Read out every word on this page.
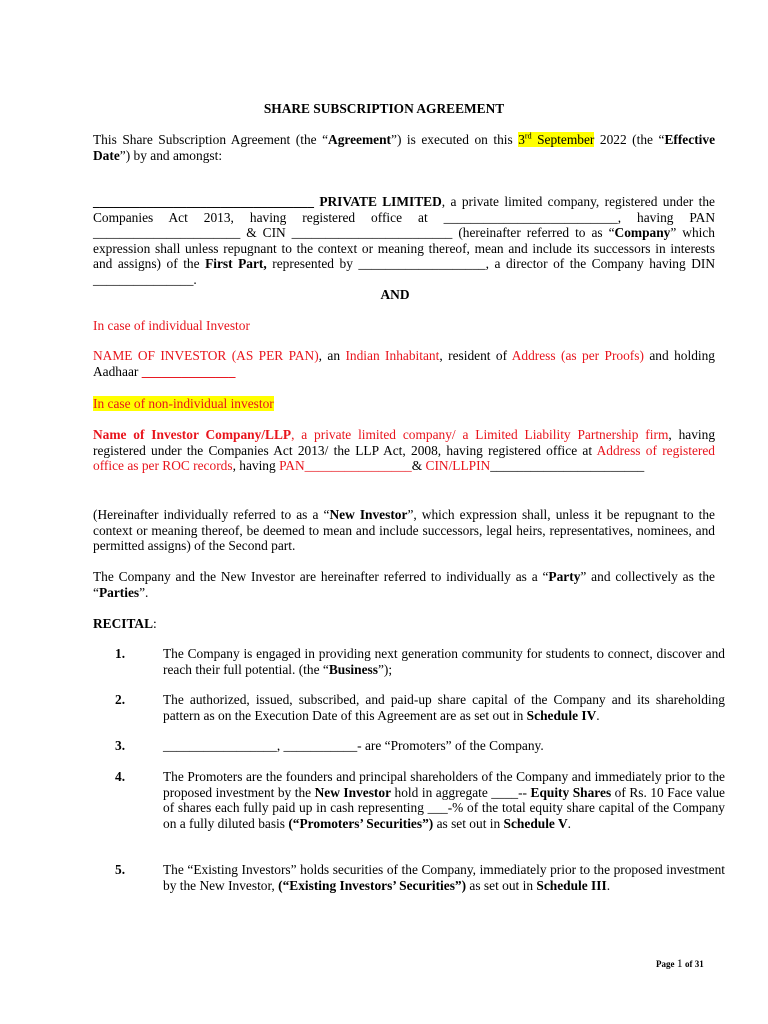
SHARE SUBSCRIPTION AGREEMENT
This Share Subscription Agreement (the “Agreement”) is executed on this 3rd September 2022 (the “Effective Date”) by and amongst:
_________________________________ PRIVATE LIMITED, a private limited company, registered under the Companies Act 2013, having registered office at __________________________, having PAN ______________________ & CIN ________________________ (hereinafter referred to as “Company” which expression shall unless repugnant to the context or meaning thereof, mean and include its successors in interests and assigns) of the First Part, represented by ___________________, a director of the Company having DIN _______________.
AND
In case of individual Investor
NAME OF INVESTOR (AS PER PAN), an Indian Inhabitant, resident of Address (as per Proofs) and holding Aadhaar ______________
In case of non-individual investor
Name of Investor Company/LLP, a private limited company/ a Limited Liability Partnership firm, having registered under the Companies Act 2013/ the LLP Act, 2008, having registered office at Address of registered office as per ROC records, having PAN________________& CIN/LLPIN_______________________
(Hereinafter individually referred to as a “New Investor”, which expression shall, unless it be repugnant to the context or meaning thereof, be deemed to mean and include successors, legal heirs, representatives, nominees, and permitted assigns) of the Second part.
The Company and the New Investor are hereinafter referred to individually as a “Party” and collectively as the “Parties”.
RECITAL:
1.	The Company is engaged in providing next generation community for students to connect, discover and reach their full potential. (the “Business”);
2.	The authorized, issued, subscribed, and paid-up share capital of the Company and its shareholding pattern as on the Execution Date of this Agreement are as set out in Schedule IV.
3.	_________________, ___________- are “Promoters” of the Company.
4.	The Promoters are the founders and principal shareholders of the Company and immediately prior to the proposed investment by the New Investor hold in aggregate ____-- Equity Shares of Rs. 10 Face value of shares each fully paid up in cash representing ___-% of the total equity share capital of the Company on a fully diluted basis (“Promoters’ Securities”) as set out in Schedule V.
5.	The “Existing Investors” holds securities of the Company, immediately prior to the proposed investment by the New Investor, (“Existing Investors’ Securities”) as set out in Schedule III.
Page 1 of 31
